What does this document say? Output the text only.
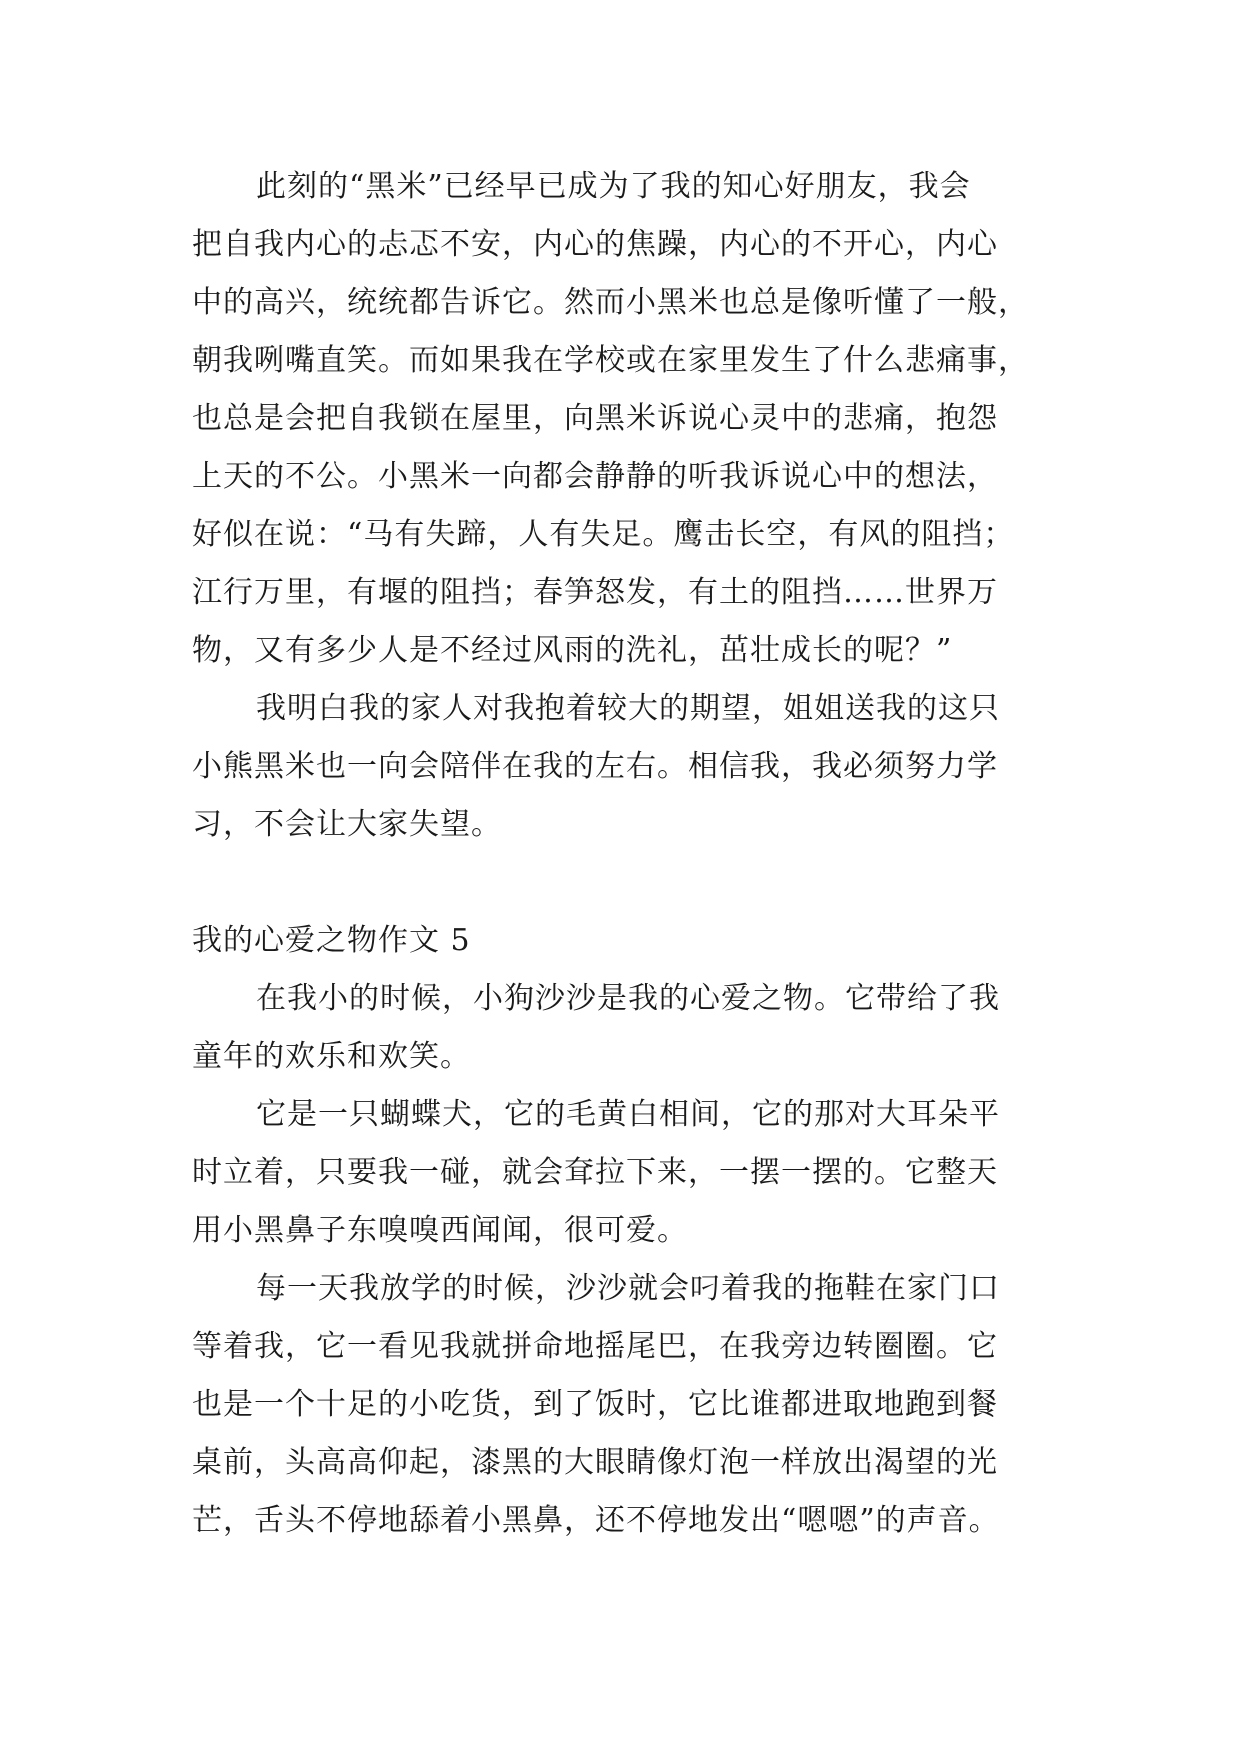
此刻的“黑米”已经早已成为了我的知心好朋友，我会
把自我内心的忐忑不安，内心的焦躁，内心的不开心，内心
中的高兴，统统都告诉它。然而小黑米也总是像听懂了一般，
朝我咧嘴直笑。而如果我在学校或在家里发生了什么悲痛事，
也总是会把自我锁在屋里，向黑米诉说心灵中的悲痛，抱怨
上天的不公。小黑米一向都会静静的听我诉说心中的想法，
好似在说：“马有失蹄，人有失足。鹰击长空，有风的阻挡；
江行万里，有堰的阻挡；春笋怒发，有土的阻挡……世界万
物，又有多少人是不经过风雨的洗礼，茁壮成长的呢？”
我明白我的家人对我抱着较大的期望，姐姐送我的这只
小熊黑米也一向会陪伴在我的左右。相信我，我必须努力学
习，不会让大家失望。
我的心爱之物作文 5
在我小的时候，小狗沙沙是我的心爱之物。它带给了我
童年的欢乐和欢笑。
它是一只蝴蝶犬，它的毛黄白相间，它的那对大耳朵平
时立着，只要我一碰，就会耷拉下来，一摆一摆的。它整天
用小黑鼻子东嗅嗅西闻闻，很可爱。
每一天我放学的时候，沙沙就会叼着我的拖鞋在家门口
等着我，它一看见我就拼命地摇尾巴，在我旁边转圈圈。它
也是一个十足的小吃货，到了饭时，它比谁都进取地跑到餐
桌前，头高高仰起，漆黑的大眼睛像灯泡一样放出渴望的光
芒，舌头不停地舔着小黑鼻，还不停地发出“嗯嗯”的声音。
